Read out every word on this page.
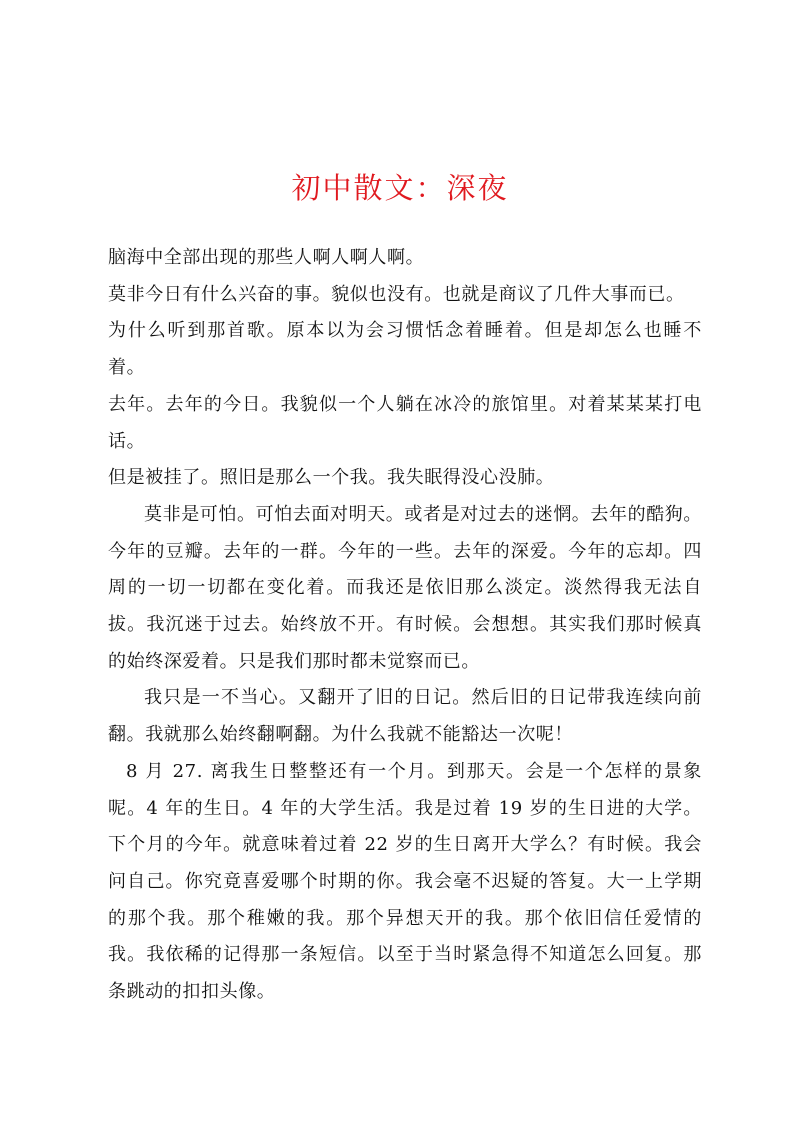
初中散文：深夜

脑海中全部出现的那些人啊人啊人啊。

莫非今日有什么兴奋的事。貌似也没有。也就是商议了几件大事而已。

为什么听到那首歌。原本以为会习惯恬念着睡着。但是却怎么也睡不着。

去年。去年的今日。我貌似一个人躺在冰冷的旅馆里。对着某某某打电话。

但是被挂了。照旧是那么一个我。我失眠得没心没肺。

莫非是可怕。可怕去面对明天。或者是对过去的迷惘。去年的酷狗。今年的豆瓣。去年的一群。今年的一些。去年的深爱。今年的忘却。四周的一切一切都在变化着。而我还是依旧那么淡定。淡然得我无法自拔。我沉迷于过去。始终放不开。有时候。会想想。其实我们那时候真的始终深爱着。只是我们那时都未觉察而已。

我只是一不当心。又翻开了旧的日记。然后旧的日记带我连续向前翻。我就那么始终翻啊翻。为什么我就不能豁达一次呢！

8 月 27. 离我生日整整还有一个月。到那天。会是一个怎样的景象呢。4 年的生日。4 年的大学生活。我是过着 19 岁的生日进的大学。下个月的今年。就意味着过着 22 岁的生日离开大学么？有时候。我会问自己。你究竟喜爱哪个时期的你。我会毫不迟疑的答复。大一上学期的那个我。那个稚嫩的我。那个异想天开的我。那个依旧信任爱情的我。我依稀的记得那一条短信。以至于当时紧急得不知道怎么回复。那条跳动的扣扣头像。
